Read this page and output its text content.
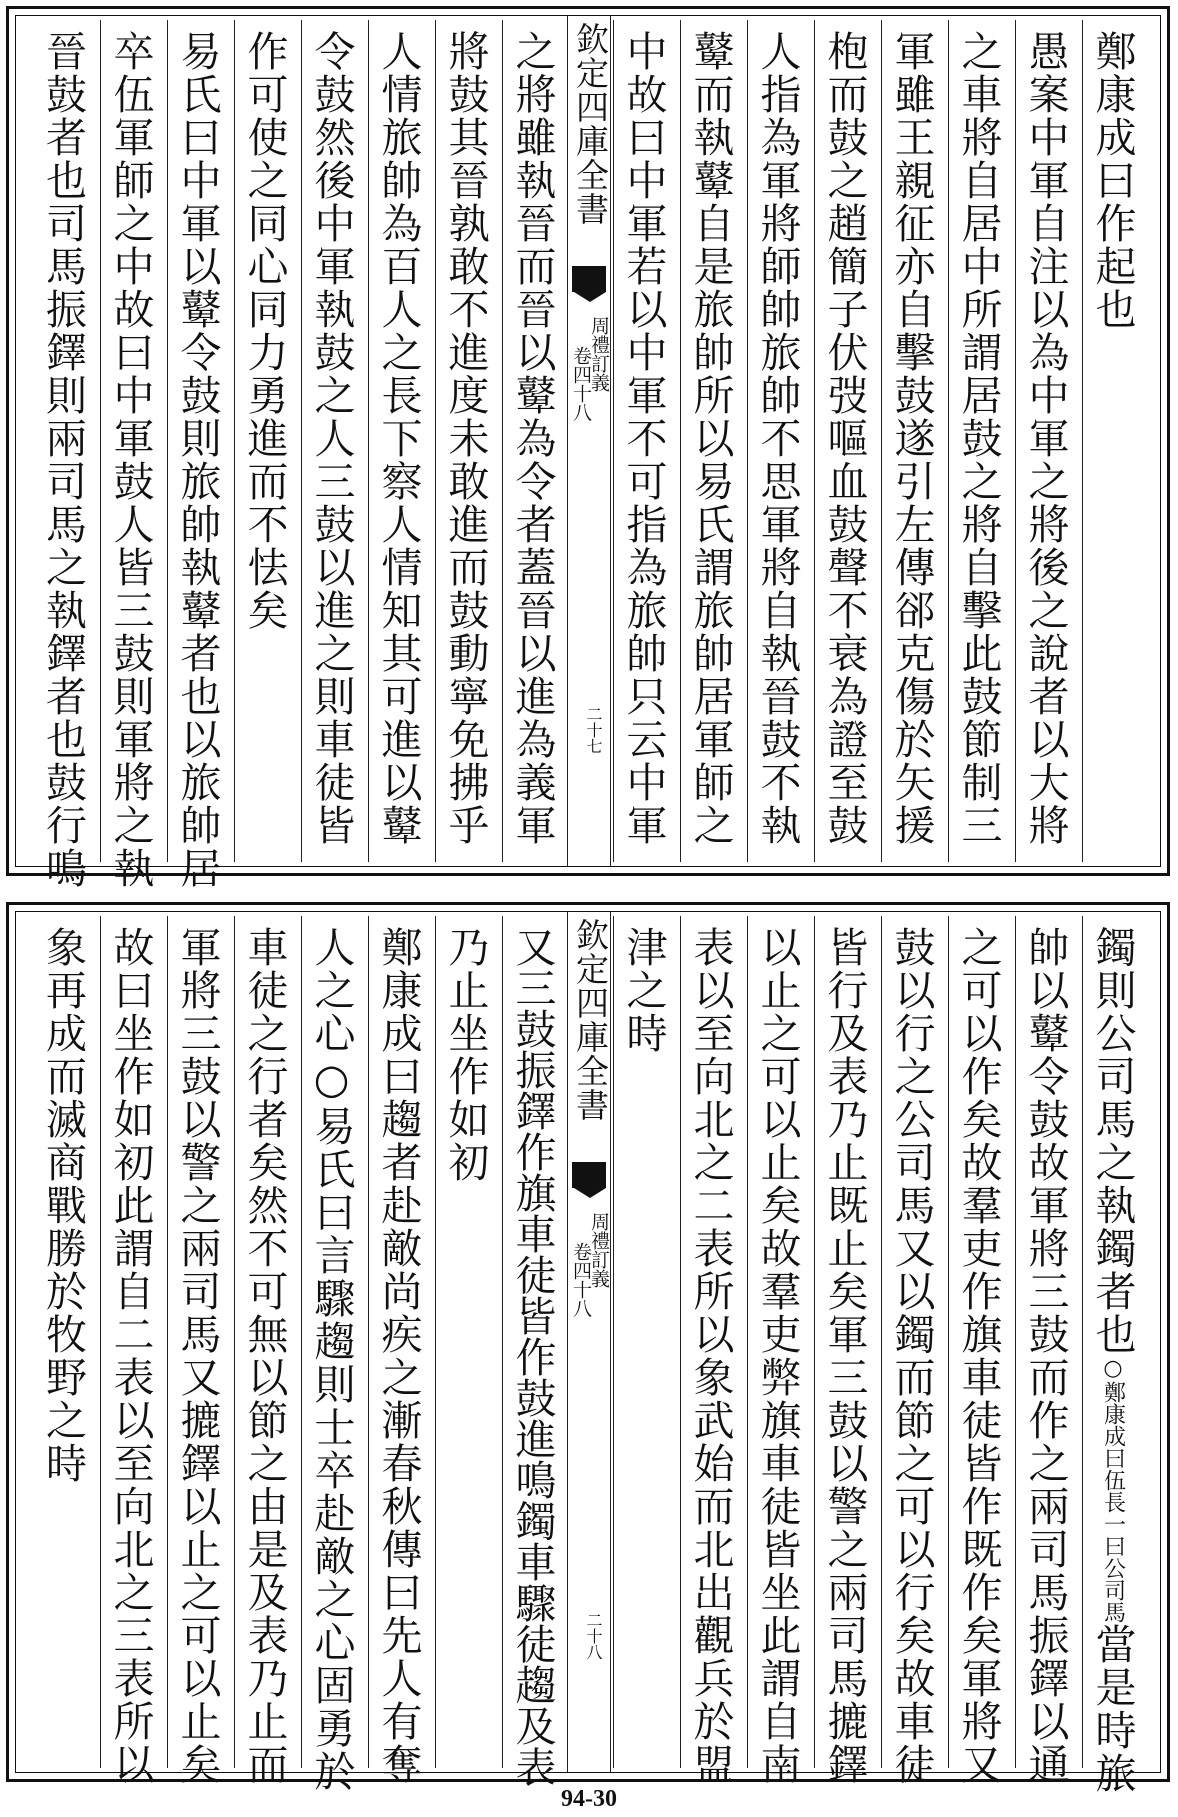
鄭康成曰作起也
愚案中軍自注以為中軍之將後之說者以大將
之車將自居中所謂居鼓之將自擊此鼓節制三
軍雖王親征亦自擊鼓遂引左傳郤克傷於矢援
枹而鼓之趙簡子伏弢嘔血鼓聲不衰為證至鼓
人指為軍將師帥旅帥不思軍將自執晉鼓不執
鼙而執鼙自是旅帥所以易氏謂旅帥居軍師之
中故曰中軍若以中軍不可指為旅帥只云中軍
欽定四庫全書
周禮訂義
卷四十八
二十七
之將雖執晉而晉以鼙為令者蓋晉以進為義軍
將鼓其晉孰敢不進度未敢進而鼓動寧免拂乎
人情旅帥為百人之長下察人情知其可進以鼙
令鼓然後中軍執鼓之人三鼓以進之則車徒皆
作可使之同心同力勇進而不怯矣
易氏曰中軍以鼙令鼓則旅帥執鼙者也以旅帥居
卒伍軍師之中故曰中軍鼓人皆三鼓則軍將之執
晉鼓者也司馬振鐸則兩司馬之執鐸者也鼓行鳴
鐲則公司馬之執鐲者也○鄭康成曰伍長一曰公司馬當是時旅
帥以鼙令鼓故軍將三鼓而作之兩司馬振鐸以通
之可以作矣故羣吏作旗車徒皆作既作矣軍將又
鼓以行之公司馬又以鐲而節之可以行矣故車徒
皆行及表乃止既止矣軍三鼓以警之兩司馬摝鐸
以止之可以止矣故羣吏弊旗車徒皆坐此謂自南
表以至向北之二表所以象武始而北出觀兵於盟
津之時
欽定四庫全書
周禮訂義
卷四十八
二十八
又三鼓振鐸作旗車徒皆作鼓進鳴鐲車驟徒趨及表
乃止坐作如初
鄭康成曰趨者赴敵尚疾之漸春秋傳曰先人有奪
人之心○易氏曰言驟趨則士卒赴敵之心固勇於
車徒之行者矣然不可無以節之由是及表乃止而
軍將三鼓以警之兩司馬又摝鐸以止之可以止矣
故曰坐作如初此謂自二表以至向北之三表所以
象再成而滅商戰勝於牧野之時
94-30
